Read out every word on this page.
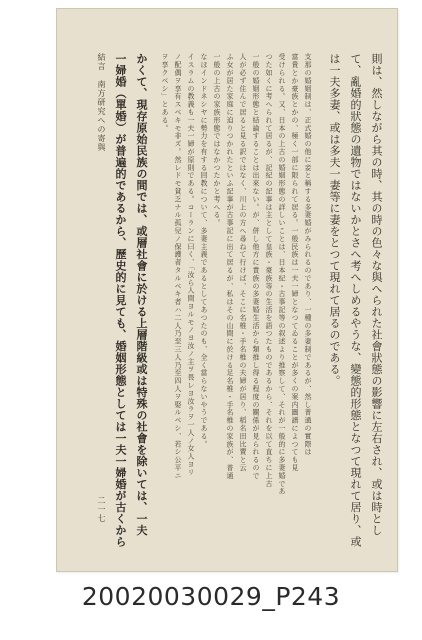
則は、然しながら其の時、其の時の色々な與へられた社會狀態の影響に左右され、或は時とし
て、亂婚的狀態の遺物ではないかとさへ考へしめるやうな、變態的形態となつて現れて居り、或
は一夫多妻、或は多夫一妻等に妻をとつて現れて居るのである。
支那の婚姻制は、正式婚の他に妾と稱する多妻婚がみられるのであり、一種の多妻制であるが、然し普通の實際は
富貴とか豪族とかの、極く一部に限られて居る。一般民族は一夫一婦となつてゐることが多くの案内圖譜によつても見
受けられる。又、日本の上古の婚姻形態の詳しいことは、日本紀・古事記等の叙述より推察して、それが一般的に多妻婚であ
つた如くに考へられて居るが、記紀の記事は主として皇族・豪族等の生活を語つたものであるから、それを以て直ちに上古
一般の婚姻形態と結論することは出來ない。が、併し他方に貴族の多妻婚生活から類推し得る程度の關係が見られるので
人が必ず住んで居ると見る訳ではなく、川上の方へ尋ねて行けば、そこに名椎・手名椎の夫婦が居り、稻名田比賣と云
ふ女が居た家庭に迫りつかれたといふ記事が古事記に出て居るが、私はその山間に於ける足名椎・手名椎の家族が、普通
一般の上古の家族形態ではなかつたかと考へる。
なほインドネシヤに勢力を有する回教について、多妻主義であるとしてあつたのも、全く當らないやうである。
イスラムの教義も一夫一婦が原則である。コーランに曰く、「汝ら人間ヨルモノヨ汝ノ主ヲ畏レヨ汝ラヲ一人ノ女人ヨリ
ノ配偶ヲ享有スベキモ非ズ。然レドモ貧乏ナル孤兒ノ保護者タルベキ者ハ二人乃至三人乃至四人ヲ娶ルベシ、若シ公平ニ
ヲ享クベシ」とある。
かくて、現存原始民族の間では、或層社會に於ける上層階級或は特殊の社會を除いては、一夫
一婦婚（單婚）が普遍的であるから、歷史的に見ても、婚姻形態としては一夫一婦婚が古くから
結言　南方研究への寄與
二一七
20020030029_P243
